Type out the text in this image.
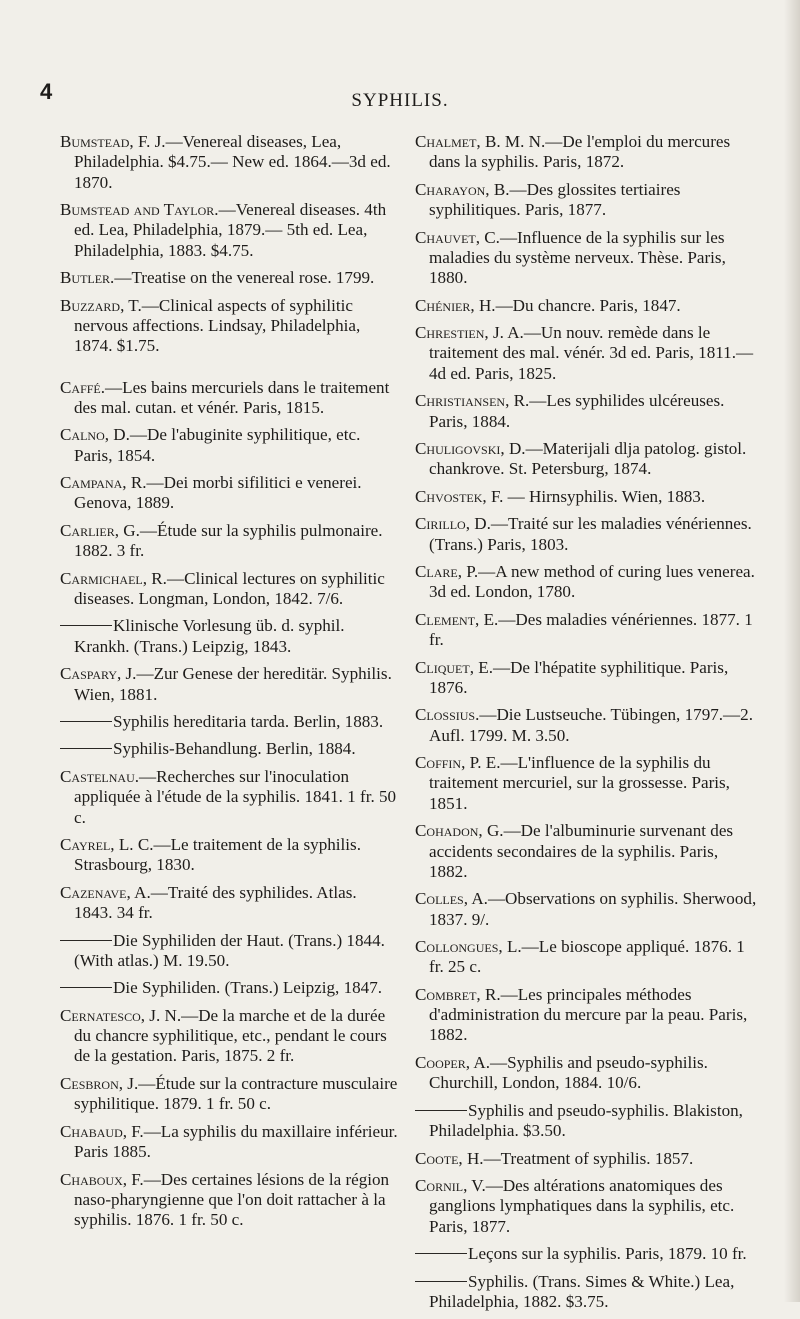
4	SYPHILIS.

Bumstead, F. J.—Venereal diseases, Lea, Philadelphia. $4.75.— New ed. 1864.—3d ed. 1870.

Bumstead and Taylor.—Venereal diseases. 4th ed. Lea, Philadelphia, 1879.— 5th ed. Lea, Philadelphia, 1883. $4.75.

Butler.—Treatise on the venereal rose. 1799.

Buzzard, T.—Clinical aspects of syphilitic nervous affections. Lindsay, Philadelphia, 1874. $1.75.

Caffé.—Les bains mercuriels dans le traitement des mal. cutan. et vénér. Paris, 1815.

Calno, D.—De l'abuginite syphilitique, etc. Paris, 1854.

Campana, R.—Dei morbi sifilitici e venerei. Genova, 1889.

Carlier, G.—Étude sur la syphilis pulmonaire. 1882. 3 fr.

Carmichael, R.—Clinical lectures on syphilitic diseases. Longman, London, 1842. 7/6.

Klinische Vorlesung üb. d. syphil. Krankh. (Trans.) Leipzig, 1843.

Caspary, J.—Zur Genese der hereditär. Syphilis. Wien, 1881.

Syphilis hereditaria tarda. Berlin, 1883.

Syphilis-Behandlung. Berlin, 1884.

Castelnau.—Recherches sur l'inoculation appliquée à l'étude de la syphilis. 1841. 1 fr. 50 c.

Cayrel, L. C.—Le traitement de la syphilis. Strasbourg, 1830.

Cazenave, A.—Traité des syphilides. Atlas. 1843. 34 fr.

Die Syphiliden der Haut. (Trans.) 1844. (With atlas.) M. 19.50.

Die Syphiliden. (Trans.) Leipzig, 1847.

Cernatesco, J. N.—De la marche et de la durée du chancre syphilitique, etc., pendant le cours de la gestation. Paris, 1875. 2 fr.

Cesbron, J.—Étude sur la contracture musculaire syphilitique. 1879. 1 fr. 50 c.

Chabaud, F.—La syphilis du maxillaire inférieur. Paris 1885.

Chaboux, F.—Des certaines lésions de la région naso-pharyngienne que l'on doit rattacher à la syphilis. 1876. 1 fr. 50 c.

Chalmet, B. M. N.—De l'emploi du mercures dans la syphilis. Paris, 1872.

Charayon, B.—Des glossites tertiaires syphilitiques. Paris, 1877.

Chauvet, C.—Influence de la syphilis sur les maladies du système nerveux. Thèse. Paris, 1880.

Chénier, H.—Du chancre. Paris, 1847.

Chrestien, J. A.—Un nouv. remède dans le traitement des mal. vénér. 3d ed. Paris, 1811.—4d ed. Paris, 1825.

Christiansen, R.—Les syphilides ulcéreuses. Paris, 1884.

Chuligovski, D.—Materijali dlja patolog. gistol. chankrove. St. Petersburg, 1874.

Chvostek, F. — Hirnsyphilis. Wien, 1883.

Cirillo, D.—Traité sur les maladies vénériennes. (Trans.) Paris, 1803.

Clare, P.—A new method of curing lues venerea. 3d ed. London, 1780.

Clement, E.—Des maladies vénériennes. 1877. 1 fr.

Cliquet, E.—De l'hépatite syphilitique. Paris, 1876.

Clossius.—Die Lustseuche. Tübingen, 1797.—2. Aufl. 1799. M. 3.50.

Coffin, P. E.—L'influence de la syphilis du traitement mercuriel, sur la grossesse. Paris, 1851.

Cohadon, G.—De l'albuminurie survenant des accidents secondaires de la syphilis. Paris, 1882.

Colles, A.—Observations on syphilis. Sherwood, 1837. 9/.

Collongues, L.—Le bioscope appliqué. 1876. 1 fr. 25 c.

Combret, R.—Les principales méthodes d'administration du mercure par la peau. Paris, 1882.

Cooper, A.—Syphilis and pseudo-syphilis. Churchill, London, 1884. 10/6.

Syphilis and pseudo-syphilis. Blakiston, Philadelphia. $3.50.

Coote, H.—Treatment of syphilis. 1857.

Cornil, V.—Des altérations anatomiques des ganglions lymphatiques dans la syphilis, etc. Paris, 1877.

Leçons sur la syphilis. Paris, 1879. 10 fr.

Syphilis. (Trans. Simes & White.) Lea, Philadelphia, 1882. $3.75.
